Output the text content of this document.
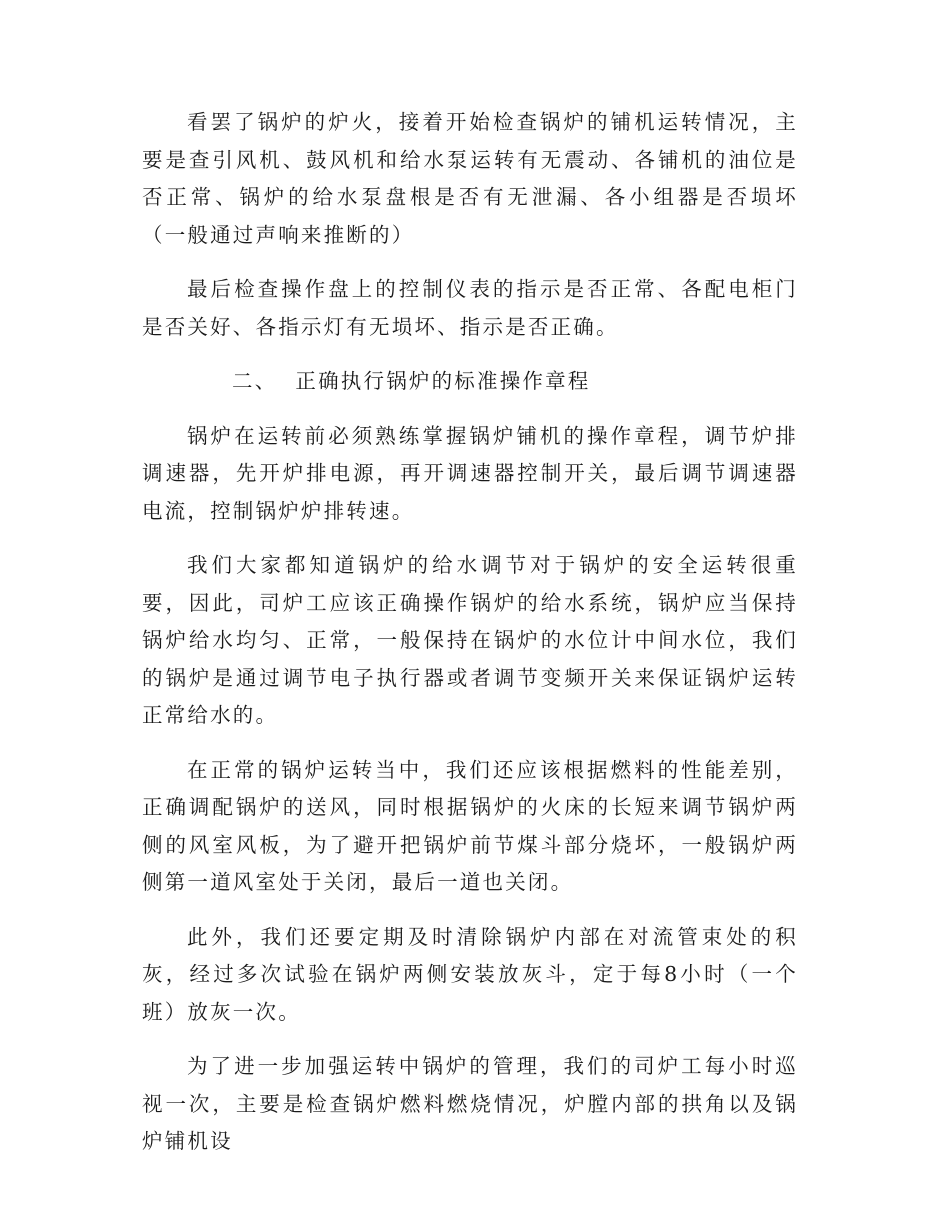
看罢了锅炉的炉火，接着开始检查锅炉的铺机运转情况，主要是查引风机、鼓风机和给水泵运转有无震动、各铺机的油位是否正常、锅炉的给水泵盘根是否有无泄漏、各小组器是否埙坏（一般通过声响来推断的）

最后检查操作盘上的控制仪表的指示是否正常、各配电柜门是否关好、各指示灯有无埙坏、指示是否正确。

二、 正确执行锅炉的标准操作章程

锅炉在运转前必须熟练掌握锅炉铺机的操作章程，调节炉排调速器，先开炉排电源，再开调速器控制开关，最后调节调速器电流，控制锅炉炉排转速。

我们大家都知道锅炉的给水调节对于锅炉的安全运转很重要，因此，司炉工应该正确操作锅炉的给水系统，锅炉应当保持锅炉给水均匀、正常，一般保持在锅炉的水位计中间水位，我们的锅炉是通过调节电子执行器或者调节变频开关来保证锅炉运转正常给水的。

在正常的锅炉运转当中，我们还应该根据燃料的性能差别，正确调配锅炉的送风，同时根据锅炉的火床的长短来调节锅炉两侧的风室风板，为了避开把锅炉前节煤斗部分烧坏，一般锅炉两侧第一道风室处于关闭，最后一道也关闭。

此外，我们还要定期及时清除锅炉内部在对流管束处的积灰，经过多次试验在锅炉两侧安装放灰斗，定于每8小时（一个班）放灰一次。

为了进一步加强运转中锅炉的管理，我们的司炉工每小时巡视一次，主要是检查锅炉燃料燃烧情况，炉膛内部的拱角以及锅炉铺机设
